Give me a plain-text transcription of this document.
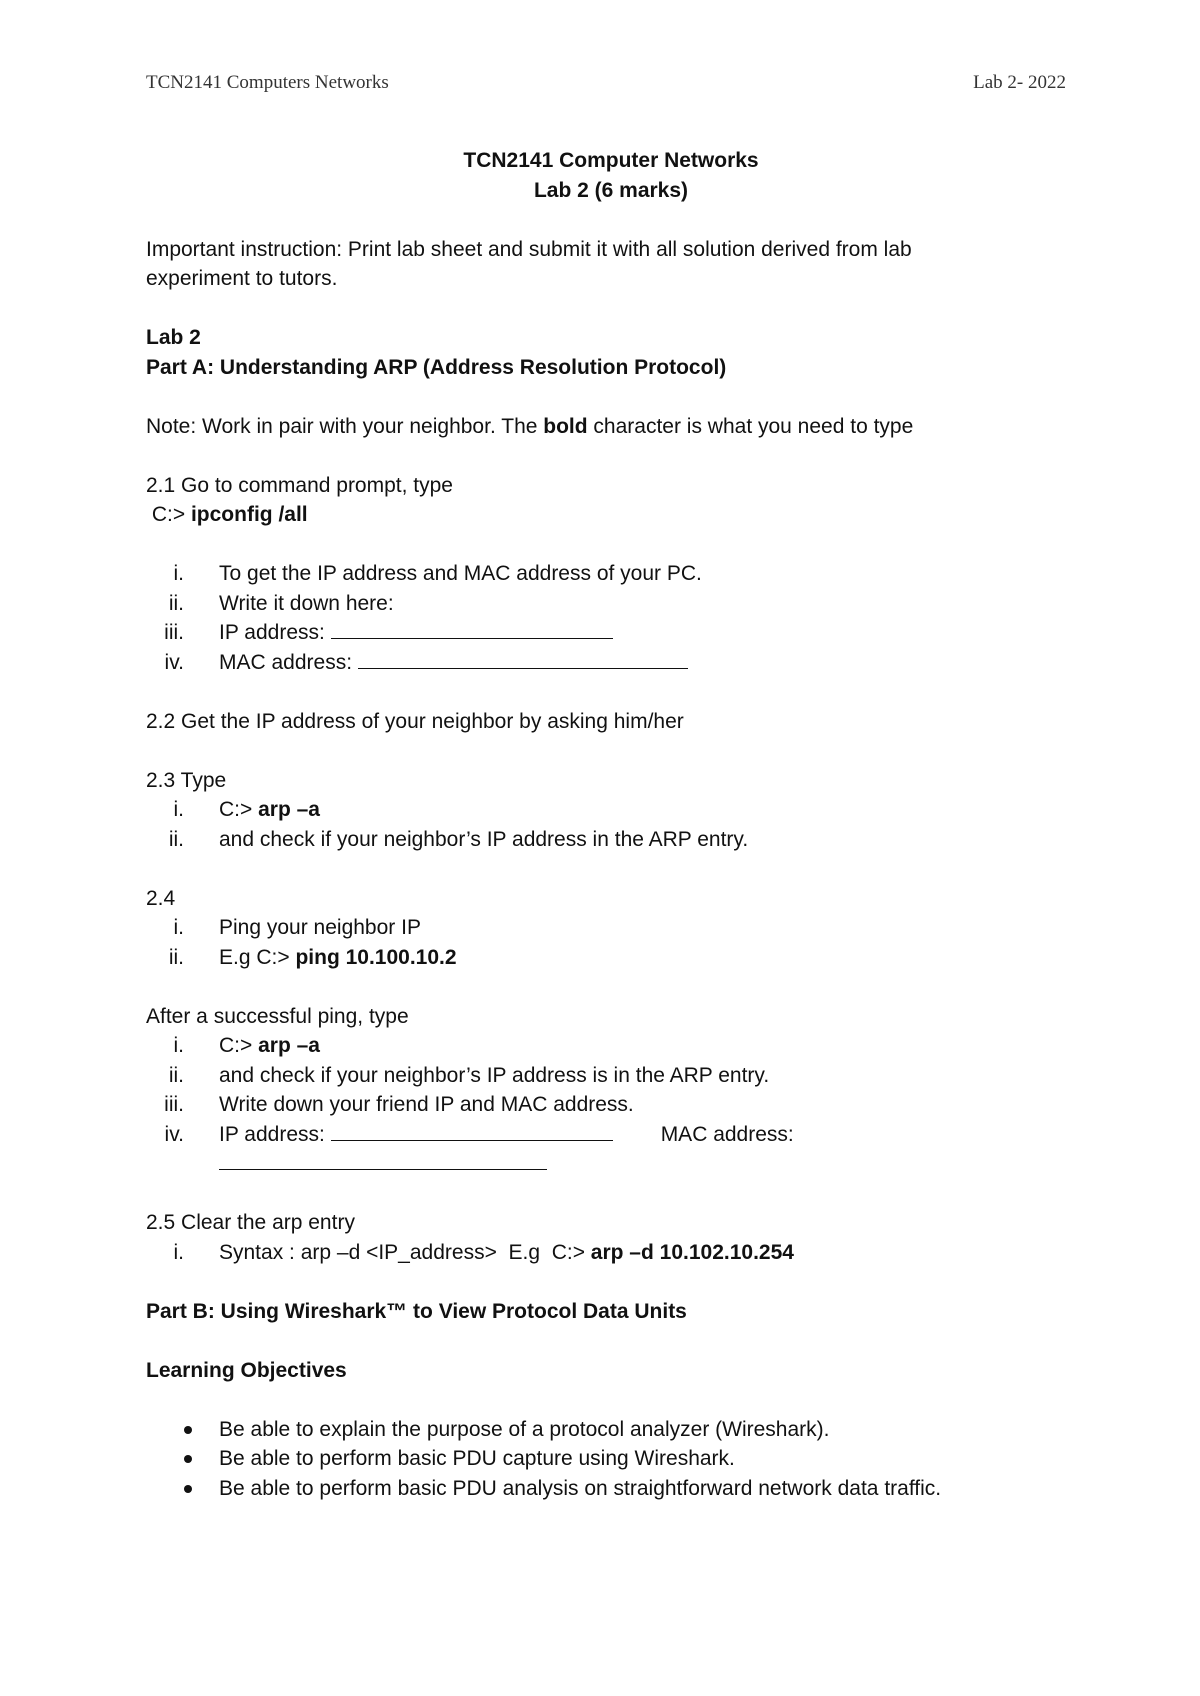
TCN2141 Computers Networks	Lab 2- 2022

TCN2141 Computer Networks

Lab 2 (6 marks)

Important instruction: Print lab sheet and submit it with all solution derived from lab

experiment to tutors.

Lab 2

Part A: Understanding ARP (Address Resolution Protocol)

Note: Work in pair with your neighbor. The bold character is what you need to type

2.1 Go to command prompt, type

C:> ipconfig /all

i. To get the IP address and MAC address of your PC.
ii. Write it down here:
iii. IP address:
iv. MAC address:

2.2 Get the IP address of your neighbor by asking him/her

2.3 Type

i. C:> arp –a
ii. and check if your neighbor’s IP address in the ARP entry.

2.4

i. Ping your neighbor IP
ii. E.g C:> ping 10.100.10.2

After a successful ping, type

i. C:> arp –a
ii. and check if your neighbor’s IP address is in the ARP entry.
iii. Write down your friend IP and MAC address.
iv. IP address:	MAC address:

2.5 Clear the arp entry

i. Syntax : arp –d <IP_address>  E.g  C:> arp –d 10.102.10.254

Part B: Using Wireshark™ to View Protocol Data Units

Learning Objectives

Be able to explain the purpose of a protocol analyzer (Wireshark).
Be able to perform basic PDU capture using Wireshark.
Be able to perform basic PDU analysis on straightforward network data traffic.
